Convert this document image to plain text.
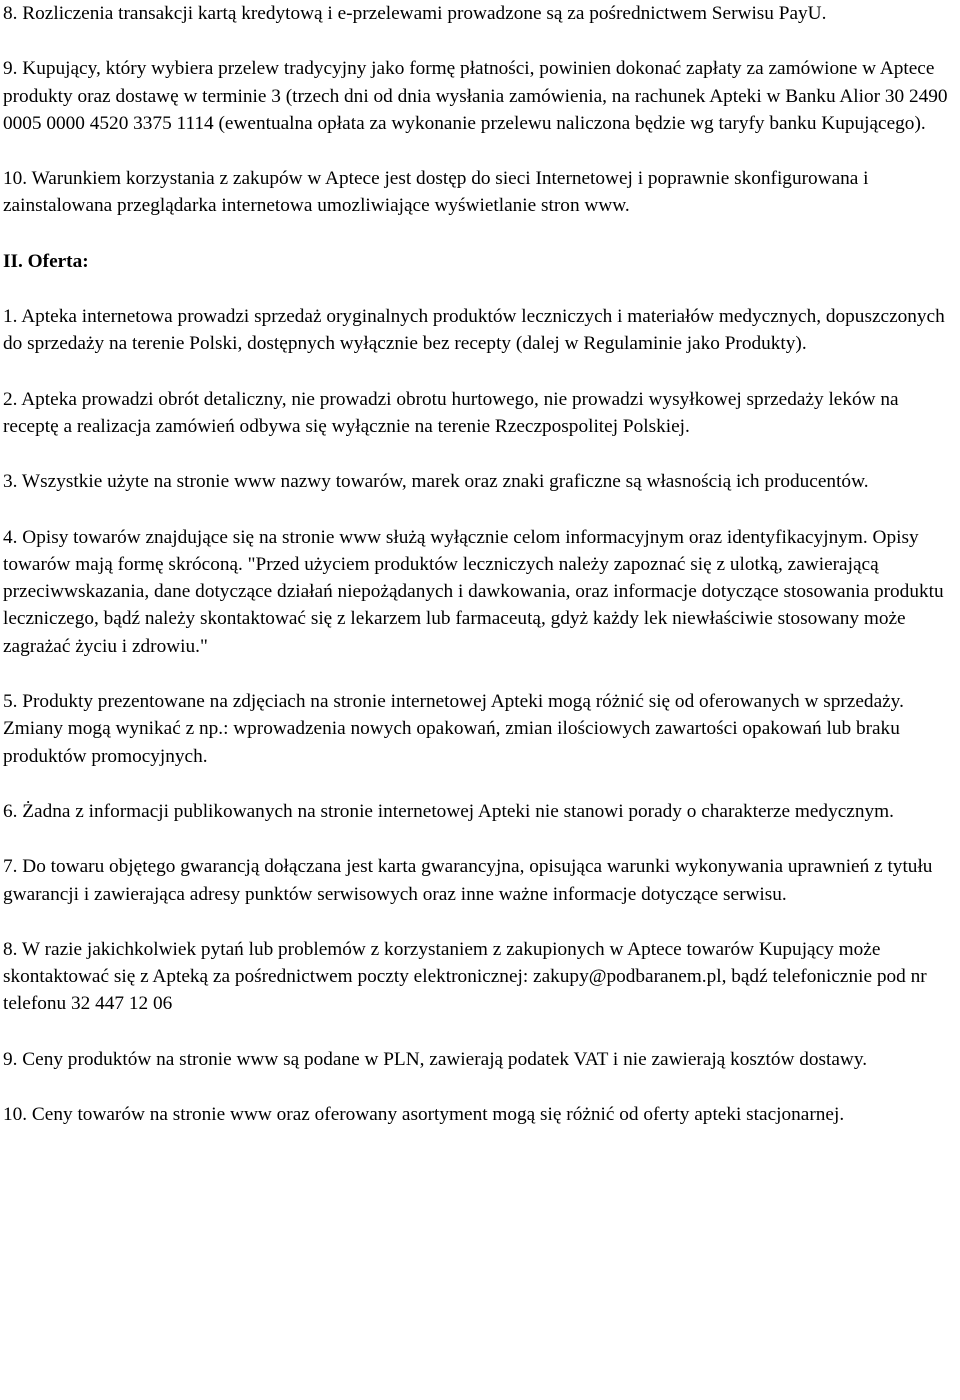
8. Rozliczenia transakcji kartą kredytową i e-przelewami prowadzone są za pośrednictwem Serwisu PayU.

9. Kupujący, który wybiera przelew tradycyjny jako formę płatności, powinien dokonać zapłaty za zamówione w Aptece produkty oraz dostawę w terminie 3 (trzech dni od dnia wysłania zamówienia, na rachunek Apteki w Banku Alior 30 2490 0005 0000 4520 3375 1114 (ewentualna opłata za wykonanie przelewu naliczona będzie wg taryfy banku Kupującego).

10. Warunkiem korzystania z zakupów w Aptece jest dostęp do sieci Internetowej i poprawnie skonfigurowana i zainstalowana przeglądarka internetowa umozliwiające wyświetlanie stron www.

II. Oferta:

1. Apteka internetowa prowadzi sprzedaż oryginalnych produktów leczniczych i materiałów medycznych, dopuszczonych do sprzedaży na terenie Polski, dostępnych wyłącznie bez recepty (dalej w Regulaminie jako Produkty).

2. Apteka prowadzi obrót detaliczny, nie prowadzi obrotu hurtowego, nie prowadzi wysyłkowej sprzedaży leków na receptę a realizacja zamówień odbywa się wyłącznie na terenie Rzeczpospolitej Polskiej.

3. Wszystkie użyte na stronie www nazwy towarów, marek oraz znaki graficzne są własnością ich producentów.

4. Opisy towarów znajdujące się na stronie www służą wyłącznie celom informacyjnym oraz identyfikacyjnym. Opisy towarów mają formę skróconą. "Przed użyciem produktów leczniczych należy zapoznać się z ulotką, zawierającą przeciwwskazania, dane dotyczące działań niepożądanych i dawkowania, oraz informacje dotyczące stosowania produktu leczniczego, bądź należy skontaktować się z lekarzem lub farmaceutą, gdyż każdy lek niewłaściwie stosowany może zagrażać życiu i zdrowiu."

5. Produkty prezentowane na zdjęciach na stronie internetowej Apteki mogą różnić się od oferowanych w sprzedaży. Zmiany mogą wynikać z np.: wprowadzenia nowych opakowań, zmian ilościowych zawartości opakowań lub braku produktów promocyjnych.

6. Żadna z informacji publikowanych na stronie internetowej Apteki nie stanowi porady o charakterze medycznym.

7. Do towaru objętego gwarancją dołączana jest karta gwarancyjna, opisująca warunki wykonywania uprawnień z tytułu gwarancji i zawierająca adresy punktów serwisowych oraz inne ważne informacje dotyczące serwisu.

8. W razie jakichkolwiek pytań lub problemów z korzystaniem z zakupionych w Aptece towarów Kupujący może skontaktować się z Apteką za pośrednictwem poczty elektronicznej: zakupy@podbaranem.pl, bądź telefonicznie pod nr telefonu 32 447 12 06

9. Ceny produktów na stronie www są podane w PLN, zawierają podatek VAT i nie zawierają kosztów dostawy.

10. Ceny towarów na stronie www oraz oferowany asortyment mogą się różnić od oferty apteki stacjonarnej.
